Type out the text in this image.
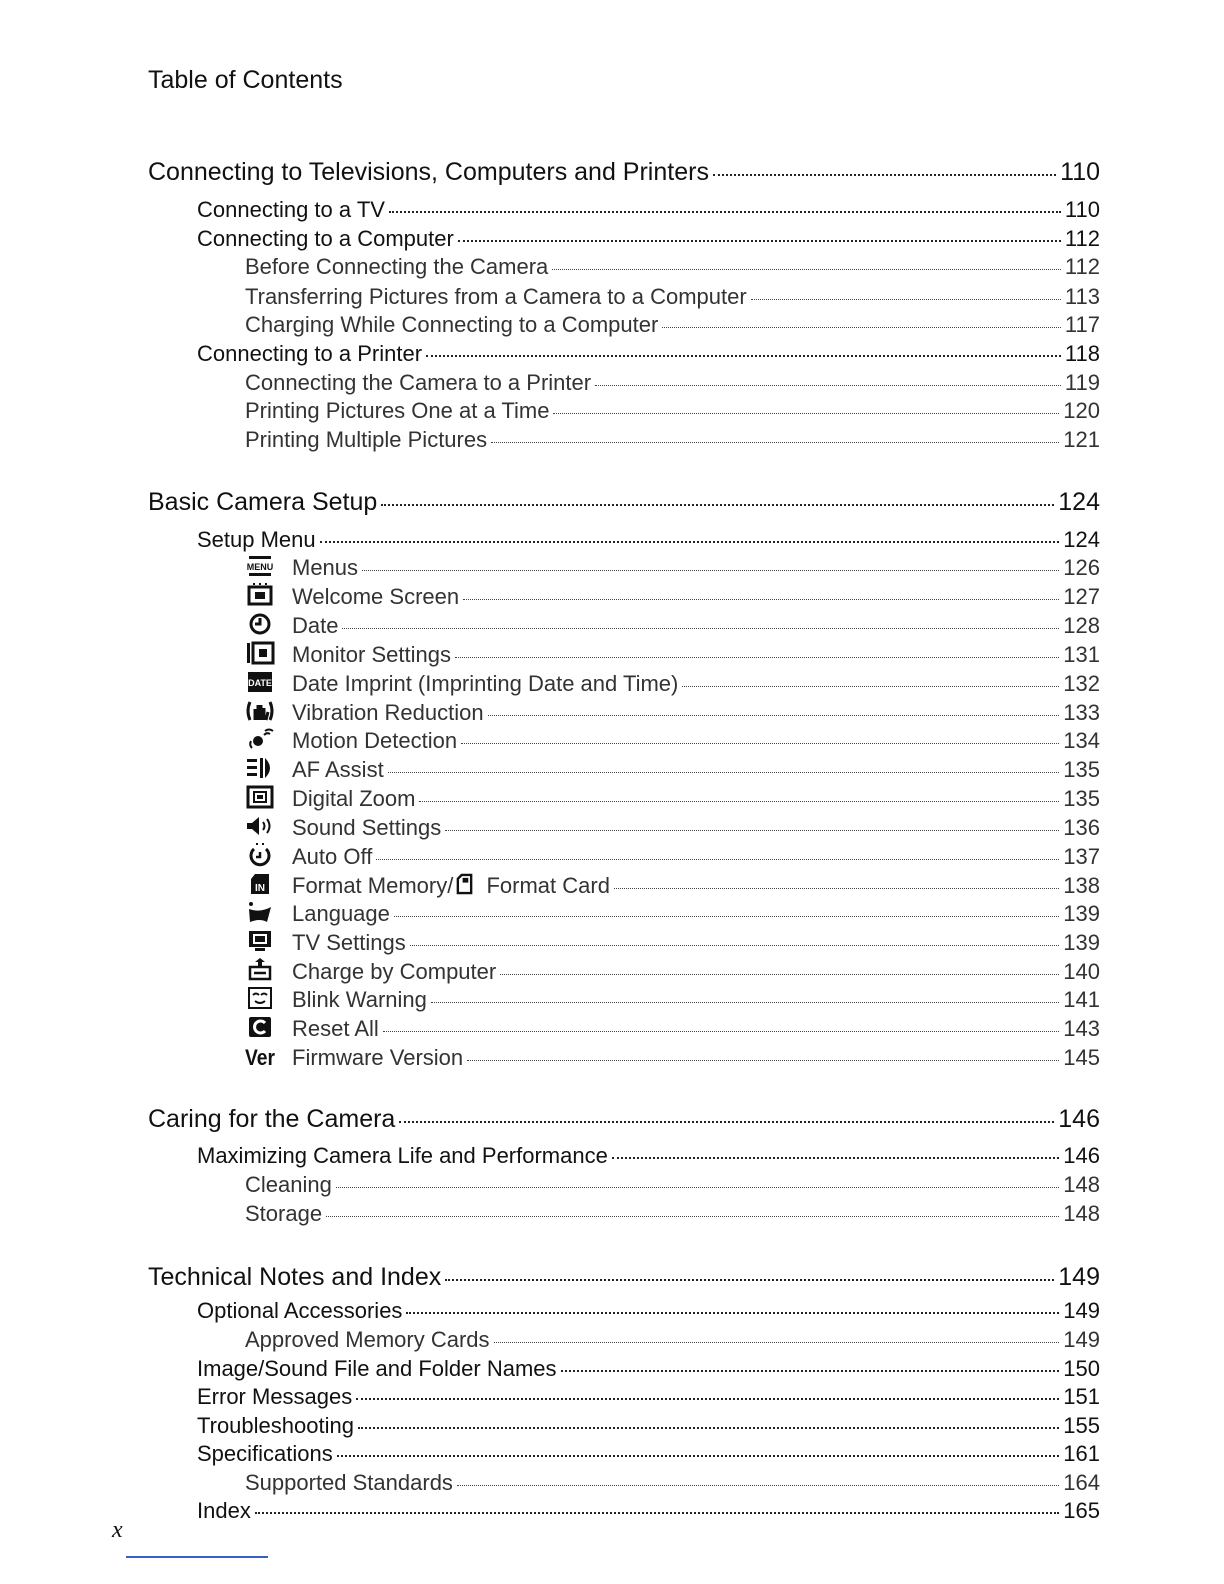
Table of Contents
Connecting to Televisions, Computers and Printers	110
Connecting to a TV	110
Connecting to a Computer	112
Before Connecting the Camera	112
Transferring Pictures from a Camera to a Computer	113
Charging While Connecting to a Computer	117
Connecting to a Printer	118
Connecting the Camera to a Printer	119
Printing Pictures One at a Time	120
Printing Multiple Pictures	121
Basic Camera Setup	124
Setup Menu	124
MENU Menus	126
Welcome Screen	127
Date	128
Monitor Settings	131
DATE Date Imprint (Imprinting Date and Time)	132
Vibration Reduction	133
Motion Detection	134
AF Assist	135
Digital Zoom	135
Sound Settings	136
Auto Off	137
IN Format Memory/ Format Card	138
Language	139
TV Settings	139
Charge by Computer	140
Blink Warning	141
Reset All	143
Ver Firmware Version	145
Caring for the Camera	146
Maximizing Camera Life and Performance	146
Cleaning	148
Storage	148
Technical Notes and Index	149
Optional Accessories	149
Approved Memory Cards	149
Image/Sound File and Folder Names	150
Error Messages	151
Troubleshooting	155
Specifications	161
Supported Standards	164
Index	165
x
